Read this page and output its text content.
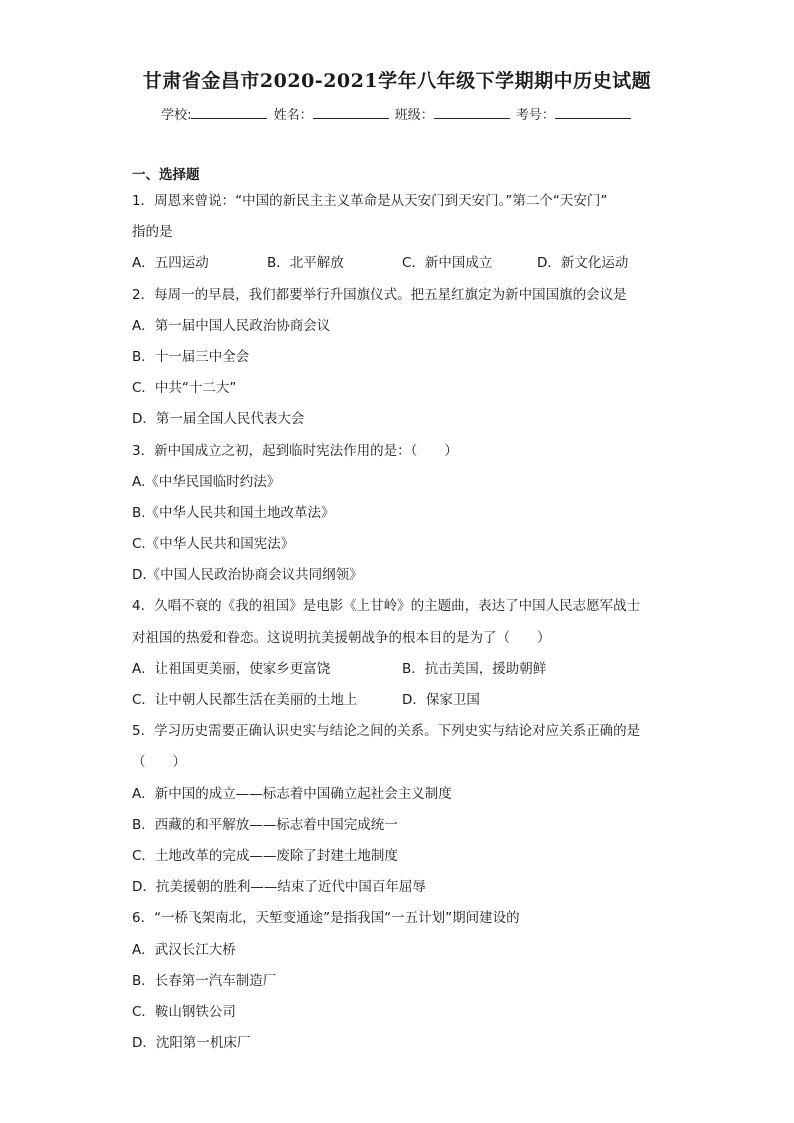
甘肃省金昌市2020-2021学年八年级下学期期中历史试题
学校:	姓名：	班级：	考号：
一、选择题
1．周恩来曾说：“中国的新民主主义革命是从天安门到天安门。”第二个“天安门”
指的是
A．五四运动	B．北平解放	C．新中国成立	D．新文化运动
2．每周一的早晨，我们都要举行升国旗仪式。把五星红旗定为新中国国旗的会议是
A．第一届中国人民政治协商会议
B．十一届三中全会
C．中共“十二大”
D．第一届全国人民代表大会
3．新中国成立之初，起到临时宪法作用的是：（　　）
A.《中华民国临时约法》
B.《中华人民共和国土地改革法》
C.《中华人民共和国宪法》
D.《中国人民政治协商会议共同纲领》
4．久唱不衰的《我的祖国》是电影《上甘岭》的主题曲，表达了中国人民志愿军战士
对祖国的热爱和眷恋。这说明抗美援朝战争的根本目的是为了（　　）
A．让祖国更美丽，使家乡更富饶	B．抗击美国，援助朝鲜
C．让中朝人民都生活在美丽的土地上	D．保家卫国
5．学习历史需要正确认识史实与结论之间的关系。下列史实与结论对应关系正确的是
（　　）
A．新中国的成立——标志着中国确立起社会主义制度
B．西藏的和平解放——标志着中国完成统一
C．土地改革的完成——废除了封建土地制度
D．抗美援朝的胜利——结束了近代中国百年屈辱
6．“一桥飞架南北，天堑变通途”是指我国“一五计划”期间建设的
A．武汉长江大桥
B．长春第一汽车制造厂
C．鞍山钢铁公司
D．沈阳第一机床厂
